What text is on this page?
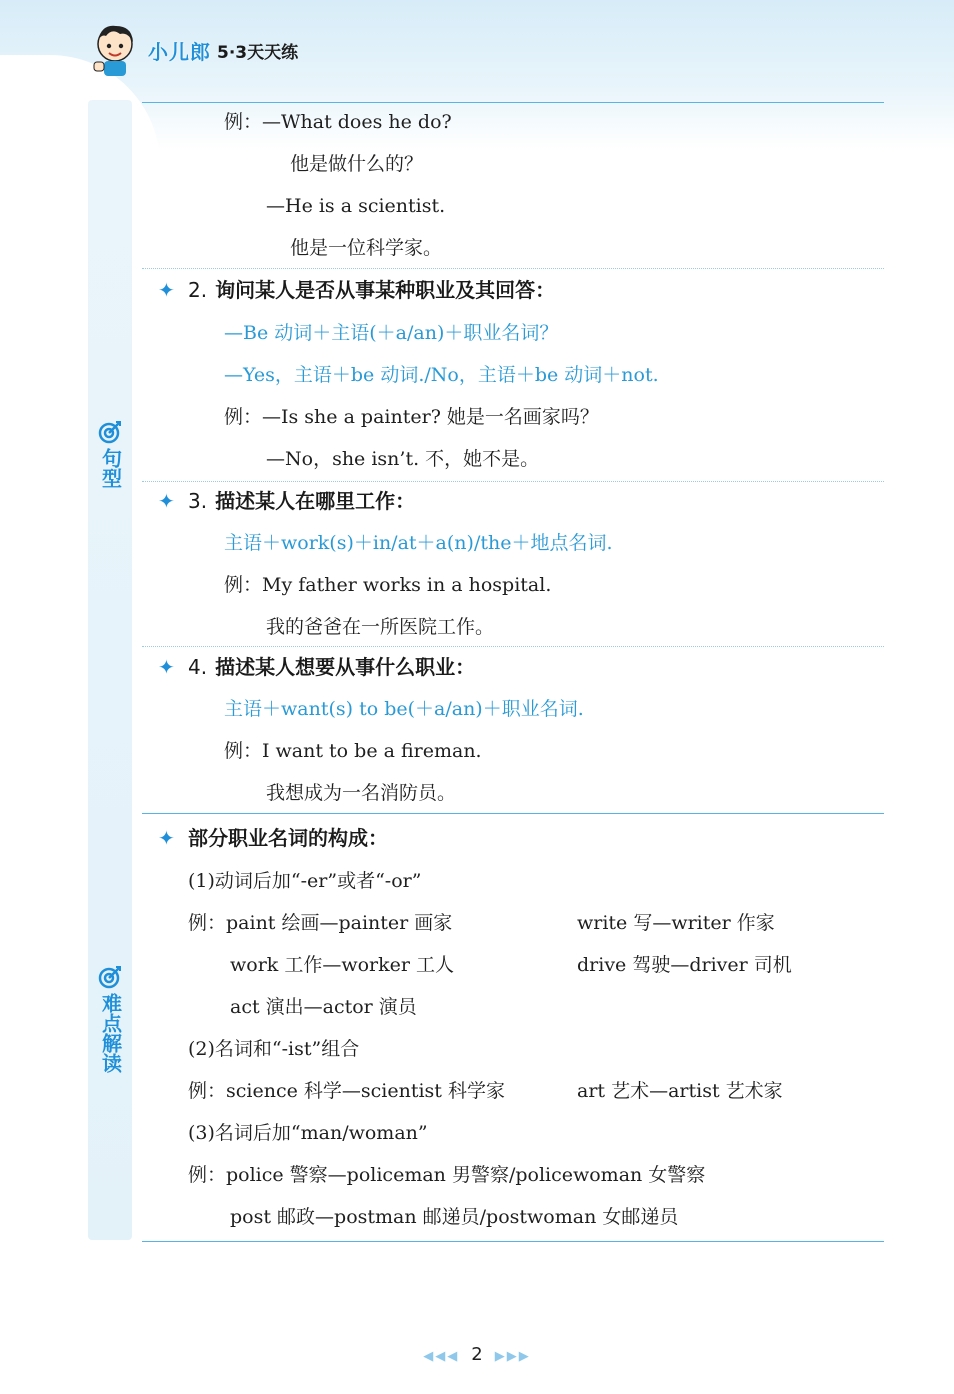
小儿郎 5·3天天练
句型
难点解读
例：—What does he do?
他是做什么的？
—He is a scientist.
他是一位科学家。
✦ 2. 询问某人是否从事某种职业及其回答：
—Be 动词＋主语(＋a/an)＋职业名词？
—Yes，主语＋be 动词./No，主语＋be 动词＋not.
例：—Is she a painter? 她是一名画家吗？
—No，she isn’t. 不，她不是。
✦ 3. 描述某人在哪里工作：
主语＋work(s)＋in/at＋a(n)/the＋地点名词.
例：My father works in a hospital.
我的爸爸在一所医院工作。
✦ 4. 描述某人想要从事什么职业：
主语＋want(s) to be(＋a/an)＋职业名词.
例：I want to be a fireman.
我想成为一名消防员。
✦ 部分职业名词的构成：
(1)动词后加“-er”或者“-or”
例：paint 绘画—painter 画家	write 写—writer 作家
work 工作—worker 工人	drive 驾驶—driver 司机
act 演出—actor 演员
(2)名词和“-ist”组合
例：science 科学—scientist 科学家	art 艺术—artist 艺术家
(3)名词后加“man/woman”
例：police 警察—policeman 男警察/policewoman 女警察
post 邮政—postman 邮递员/postwoman 女邮递员
◀◀◀ 2 ▶▶▶
